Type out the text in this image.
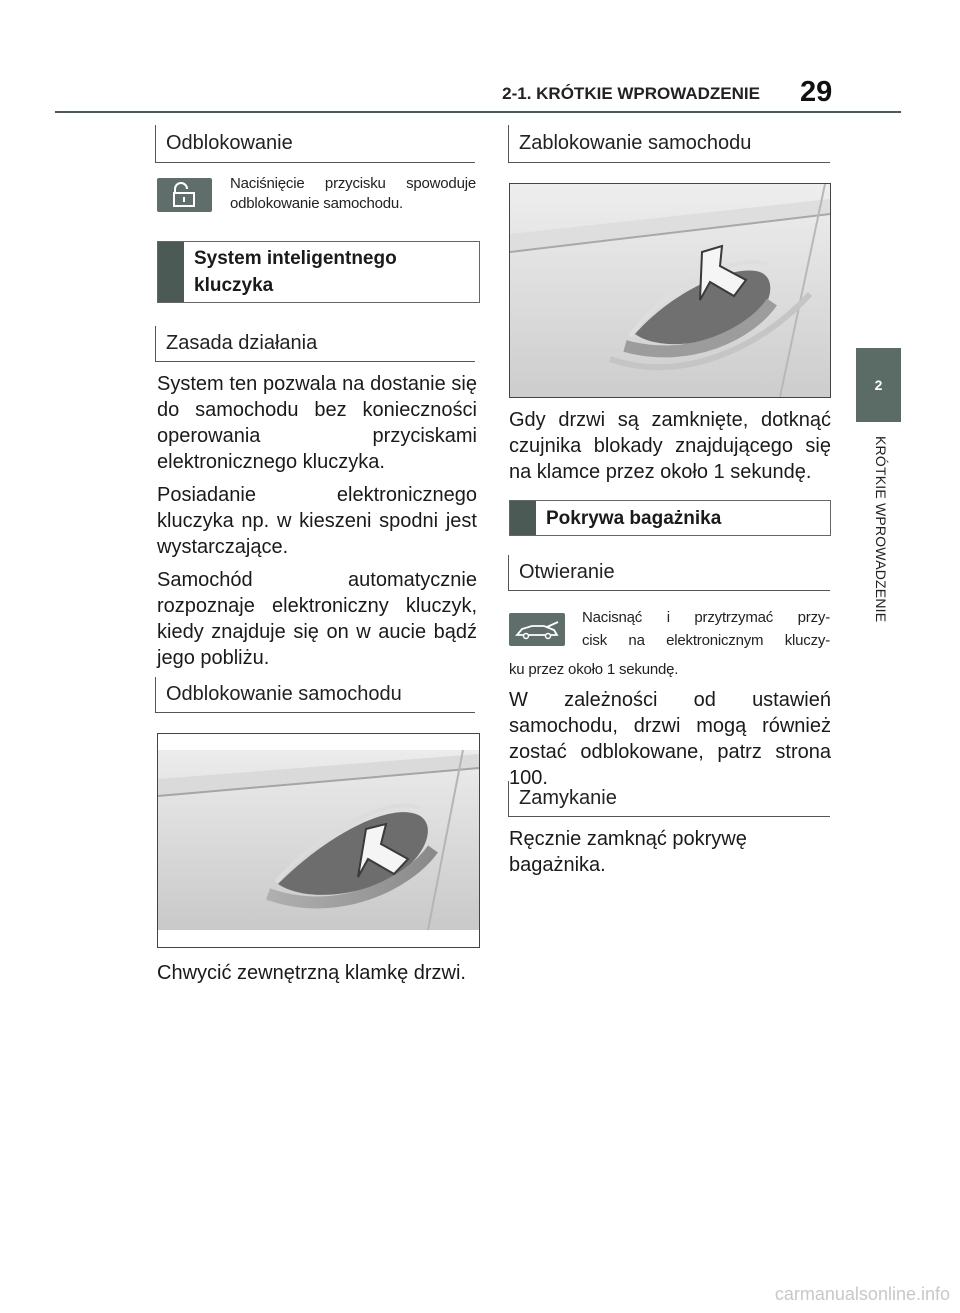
2-1. KRÓTKIE WPROWADZENIE 29
2
KRÓTKIE WPROWADZENIE
Odblokowanie
Naciśnięcie przycisku spowoduje odblokowanie samochodu.
System inteligentnego kluczyka
Zasada działania

System ten pozwala na dostanie się do samochodu bez konieczności operowania przyciskami elektronicznego kluczyka.

Posiadanie elektronicznego kluczyka np. w kieszeni spodni jest wystarczające.

Samochód automatycznie rozpoznaje elektroniczny kluczyk, kiedy znajduje się on w aucie bądź jego pobliżu.

Odblokowanie samochodu
Chwycić zewnętrzną klamkę drzwi.
Zablokowanie samochodu
Gdy drzwi są zamknięte, dotknąć czujnika blokady znajdującego się na klamce przez około 1 sekundę.
Pokrywa bagażnika
Otwieranie
Nacisnąć i przytrzymać przy-
cisk na elektronicznym kluczy-
ku przez około 1 sekundę.
W zależności od ustawień samochodu, drzwi mogą również zostać odblokowane, patrz strona 100.
Zamykanie
Ręcznie zamknąć pokrywę bagażnika.
carmanualsonline.info
